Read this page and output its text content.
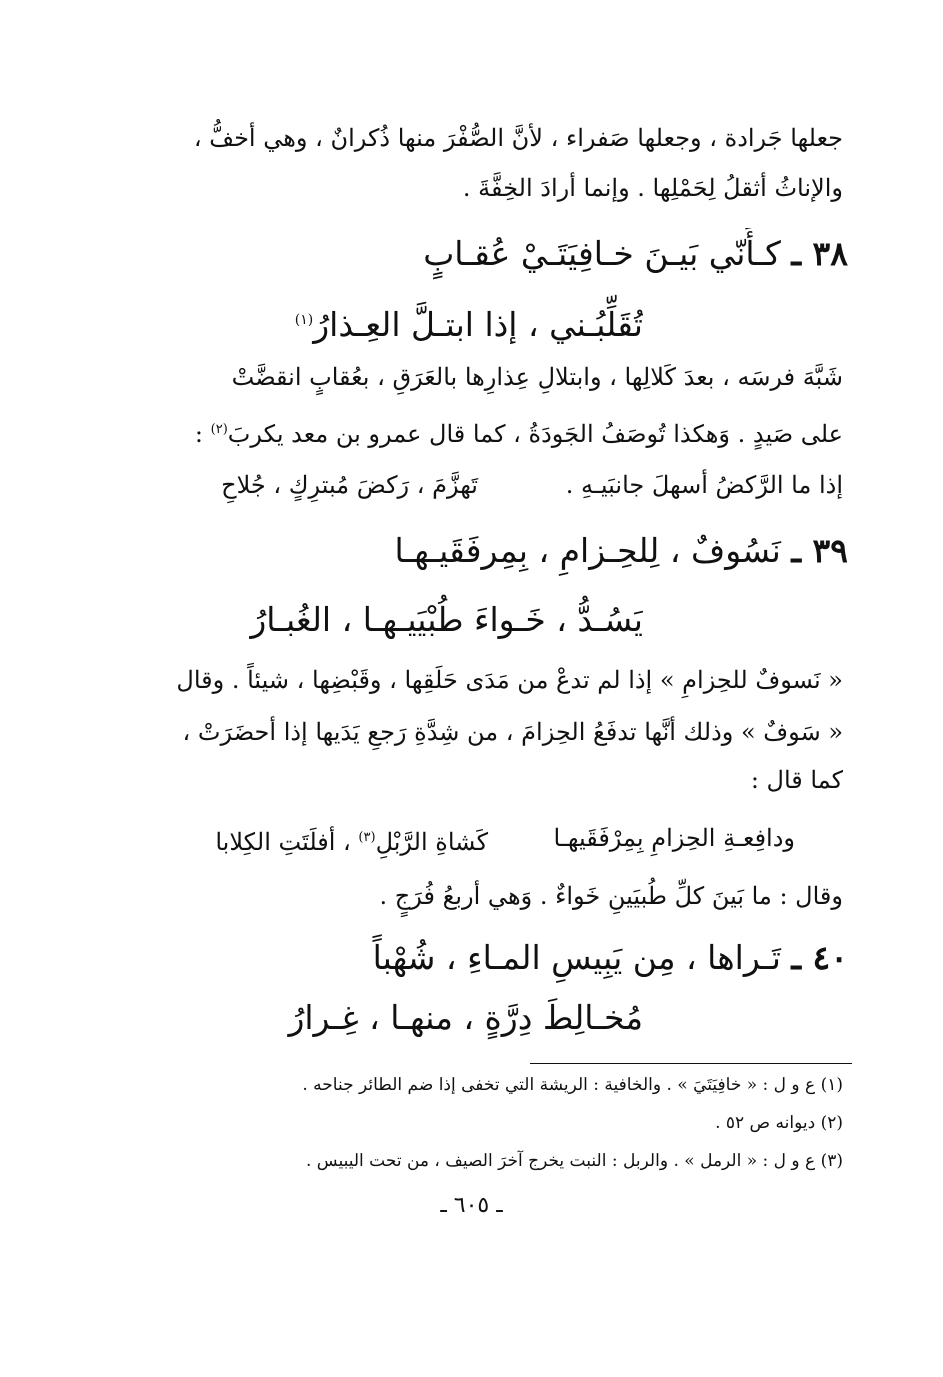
جعلها جَرادة ، وجعلها صَفراء ، لأنَّ الصُّفْرَ منها ذُكرانٌ ، وهي أخفُّ ،
والإناثُ أثقلُ لِحَمْلِها . وإنما أرادَ الخِفَّةَ .
٣٨ ـ كـأَنّي بَيـنَ خـافِيَتَـيْ عُقـابٍ
تُقَلِّبُـني ، إذا ابتـلَّ العِـذارُ$^{(١)}$
شَبَّهَ فرسَه ، بعدَ كَلالِها ، وابتلالِ عِذارِها بالعَرَقِ ، بعُقابٍ انقضَّتْ
على صَيدٍ . وَهكذا تُوصَفُ الجَودَةُ ، كما قال عمرو بن معد يكربَ$^{(٢)}$ :
إذا ما الرَّكضُ أسهلَ جانبَيـهِ .
تَهزَّمَ ، رَكضَ مُبترِكٍ ، جُلاحِ
٣٩ ـ نَسُوفٌ ، لِلحِـزامِ ، بِمِرفَقَيـهـا
يَسُـدُّ ، خَـواءَ طُبْيَيـهـا ، الغُبـارُ
« نَسوفٌ للحِزامِ » إذا لم تدعْ من مَدَى حَلَقِها ، وقَبْضِها ، شيئاً . وقال
« سَوفٌ » وذلك أنَّها تدفَعُ الحِزامَ ، من شِدَّةِ رَجعِ يَدَيها إذا أحضَرَتْ ،
كما قال :
ودافِعـةِ الحِزامِ بِمِرْفَقَيهـا
كَشاةِ الرَّبْلِ$^{(٣)}$ ، أفلَتَتِ الكِلابا
وقال : ما بَينَ كلِّ طُبيَينِ خَواءٌ . وَهي أربعُ فُرَجٍ .
٤٠ ـ تَـراها ، مِن يَبِيسِ المـاءِ ، شُهْباً
مُخـالِطَ دِرَّةٍ ، منهـا ، غِـرارُ
(١) ع و ل : « خافِيَتَيَ » . والخافية : الريشة التي تخفى إذا ضم الطائر جناحه .
(٢) ديوانه ص ٥٢ .
(٣) ع و ل : « الرمل » . والربل : النبت يخرج آخرَ الصيف ، من تحت اليبيس .
ـ ٦٠٥ ـ
